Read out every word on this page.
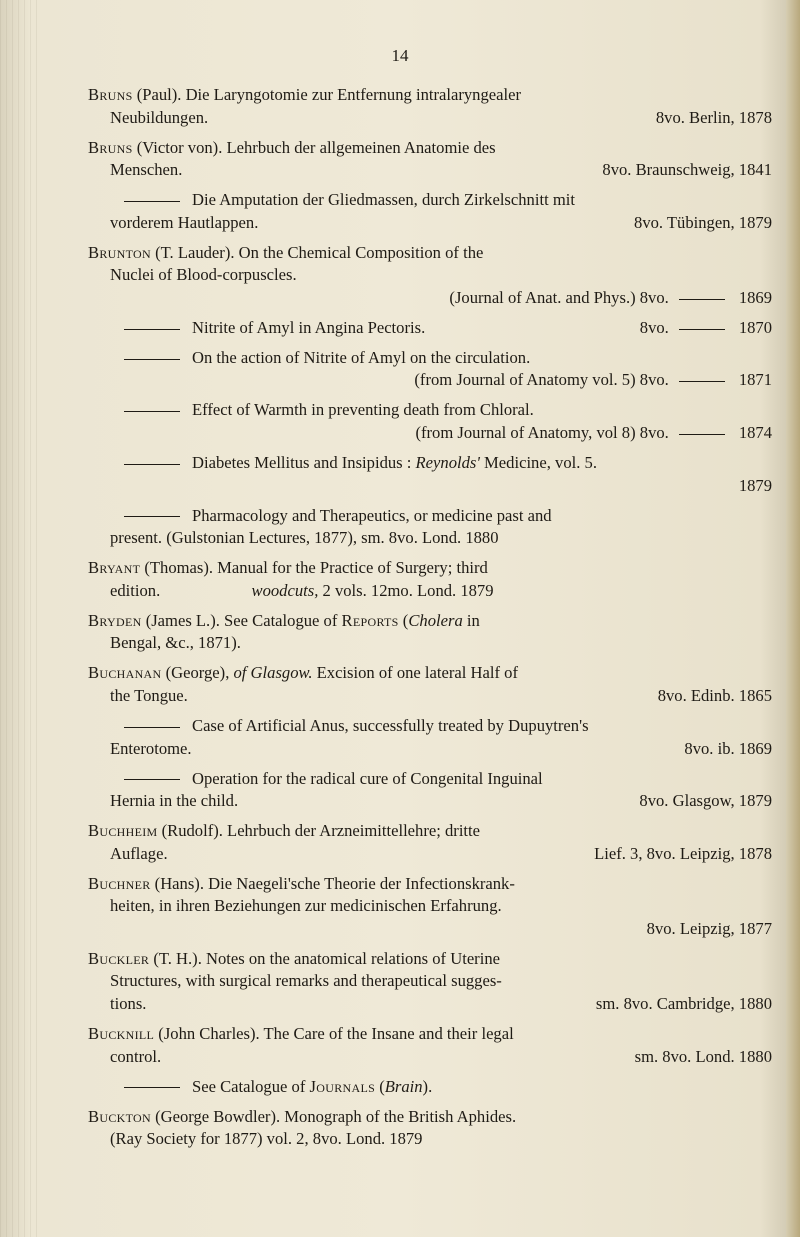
14
Bruns (Paul). Die Laryngotomie zur Entfernung intralaryngealer
Neubildungen.	8vo. Berlin, 1878
Bruns (Victor von). Lehrbuch der allgemeinen Anatomie des
Menschen.	8vo. Braunschweig, 1841
Die Amputation der Gliedmassen, durch Zirkelschnitt mit
vorderem Hautlappen.	8vo. Tübingen, 1879
Brunton (T. Lauder). On the Chemical Composition of the
Nuclei of Blood-corpuscles.
(Journal of Anat. and Phys.) 8vo.	1869
Nitrite of Amyl in Angina Pectoris.	8vo.	1870
On the action of Nitrite of Amyl on the circulation.
(from Journal of Anatomy vol. 5) 8vo.	1871
Effect of Warmth in preventing death from Chloral.
(from Journal of Anatomy, vol 8) 8vo.	1874
Diabetes Mellitus and Insipidus : Reynolds' Medicine, vol. 5.
1879
Pharmacology and Therapeutics, or medicine past and
present. (Gulstonian Lectures, 1877), sm. 8vo. Lond. 1880
Bryant (Thomas). Manual for the Practice of Surgery; third
edition.	woodcuts, 2 vols. 12mo. Lond. 1879
Bryden (James L.). See Catalogue of Reports (Cholera in
Bengal, &c., 1871).
Buchanan (George), of Glasgow. Excision of one lateral Half of
the Tongue.	8vo. Edinb. 1865
Case of Artificial Anus, successfully treated by Dupuytren's
Enterotome.	8vo. ib. 1869
Operation for the radical cure of Congenital Inguinal
Hernia in the child.	8vo. Glasgow, 1879
Buchheim (Rudolf). Lehrbuch der Arzneimittellehre; dritte
Auflage.	Lief. 3, 8vo. Leipzig, 1878
Buchner (Hans). Die Naegeli'sche Theorie der Infectionskrank-
heiten, in ihren Beziehungen zur medicinischen Erfahrung.
8vo. Leipzig, 1877
Buckler (T. H.). Notes on the anatomical relations of Uterine
Structures, with surgical remarks and therapeutical sugges-
tions.	sm. 8vo. Cambridge, 1880
Bucknill (John Charles). The Care of the Insane and their legal
control.	sm. 8vo. Lond. 1880
See Catalogue of Journals (Brain).
Buckton (George Bowdler). Monograph of the British Aphides.
(Ray Society for 1877) vol. 2, 8vo. Lond. 1879
